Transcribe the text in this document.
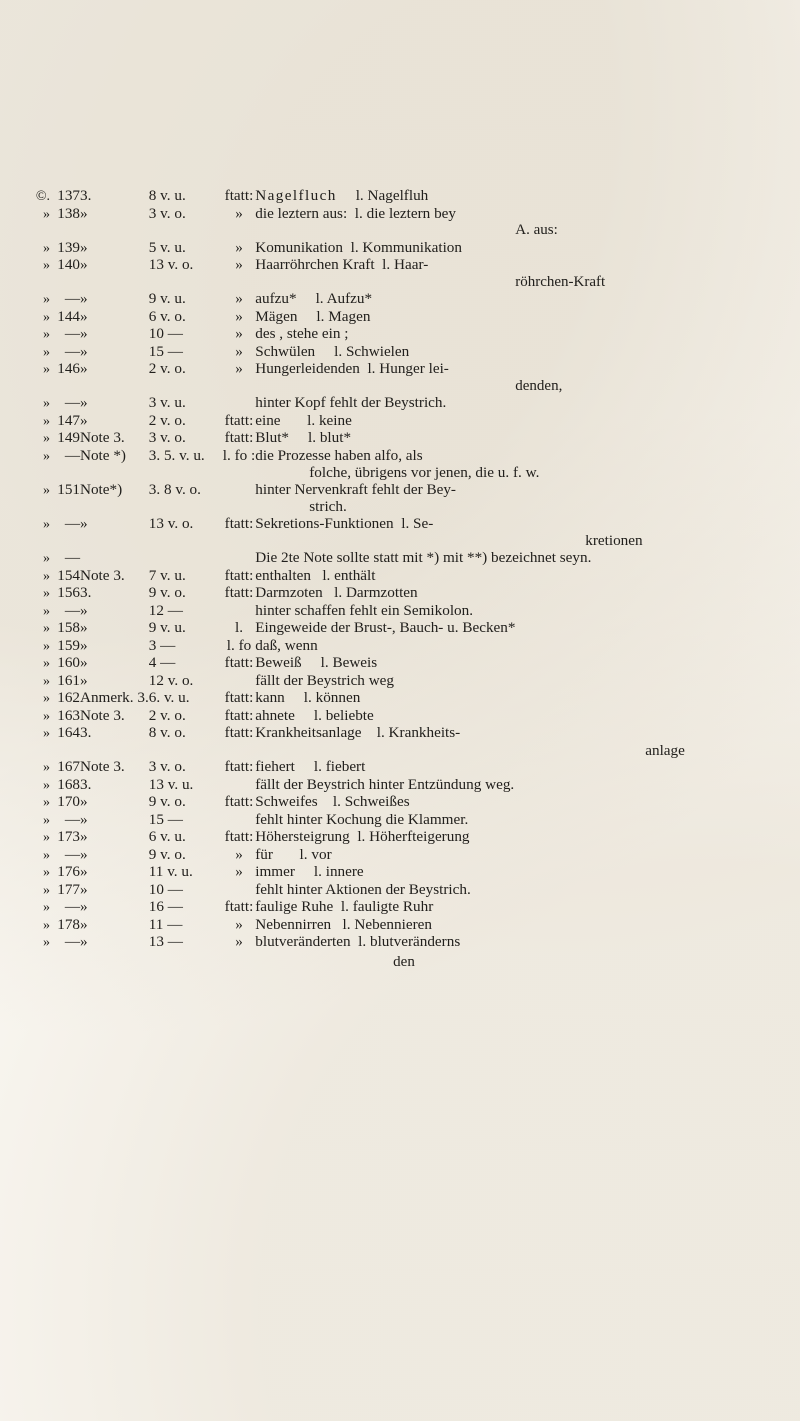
©.	137	3.	8 v. u.	ftatt:	Nagelfluch l. Nagelfluh
»	138	»	3 v. o.	»	die leztern aus: l. die leztern bey

					A. aus:

»	139	»	5 v. u.	»	Komunikation l. Kommunikation
»	140	»	13 v. o.	»	Haarröhrchen Kraft l. Haar-

					röhrchen-Kraft

»	—	»	9 v. u.	»	aufzu* l. Aufzu*
»	144	»	6 v. o.	»	Mägen l. Magen
»	—	»	10 —	»	des , stehe ein ;
»	—	»	15 —	»	Schwülen l. Schwielen
»	146	»	2 v. o.	»	Hungerleidenden l. Hunger lei-

					denden,

»	—	»	3 v. u.		hinter Kopf fehlt der Beystrich.
»	147	»	2 v. o.	ftatt:	eine l. keine
»	149	Note 3.	3 v. o.	ftatt:	Blut* l. blut*
»	—	Note *)	3. 5. v. u.	l. fo :	die Prozesse haben alfo, als

					folche, übrigens vor jenen, die u. f. w.

»	151	Note*)	3. 8 v. o.		hinter Nervenkraft fehlt der Bey-

					strich.

»	—	»	13 v. o.	ftatt:	Sekretions-Funktionen l. Se-

					kretionen

»	—				Die 2te Note sollte statt mit *) mit **) bezeichnet seyn.
»	154	Note 3.	7 v. u.	ftatt:	enthalten l. enthält
»	156	3.	9 v. o.	ftatt:	Darmzoten l. Darmzotten
»	—	»	12 —		hinter schaffen fehlt ein Semikolon.
»	158	»	9 v. u.	l.	Eingeweide der Brust-, Bauch- u. Becken*
»	159	»	3 —	l. fo	daß, wenn
»	160	»	4 —	ftatt:	Beweiß l. Beweis
»	161	»	12 v. o.		fällt der Beystrich weg
»	162	Anmerk. 3.	6. v. u.	ftatt:	kann l. können
»	163	Note 3.	2 v. o.	ftatt:	ahnete l. beliebte
»	164	3.	8 v. o.	ftatt:	Krankheitsanlage l. Krankheits-

					anlage

»	167	Note 3.	3 v. o.	ftatt:	fiehert l. fiebert
»	168	3.	13 v. u.		fällt der Beystrich hinter Entzündung weg.
»	170	»	9 v. o.	ftatt:	Schweifes l. Schweißes
»	—	»	15 —		fehlt hinter Kochung die Klammer.
»	173	»	6 v. u.	ftatt:	Höhersteigrung l. Höherfteigerung
»	—	»	9 v. o.	»	für l. vor
»	176	»	11 v. u.	»	immer l. innere
»	177	»	10 —		fehlt hinter Aktionen der Beystrich.
»	—	»	16 —	ftatt:	faulige Ruhe l. fauligte Ruhr
»	178	»	11 —	»	Nebennirren l. Nebennieren
»	—	»	13 —	»	blutveränderten l. blutveränderns
den
